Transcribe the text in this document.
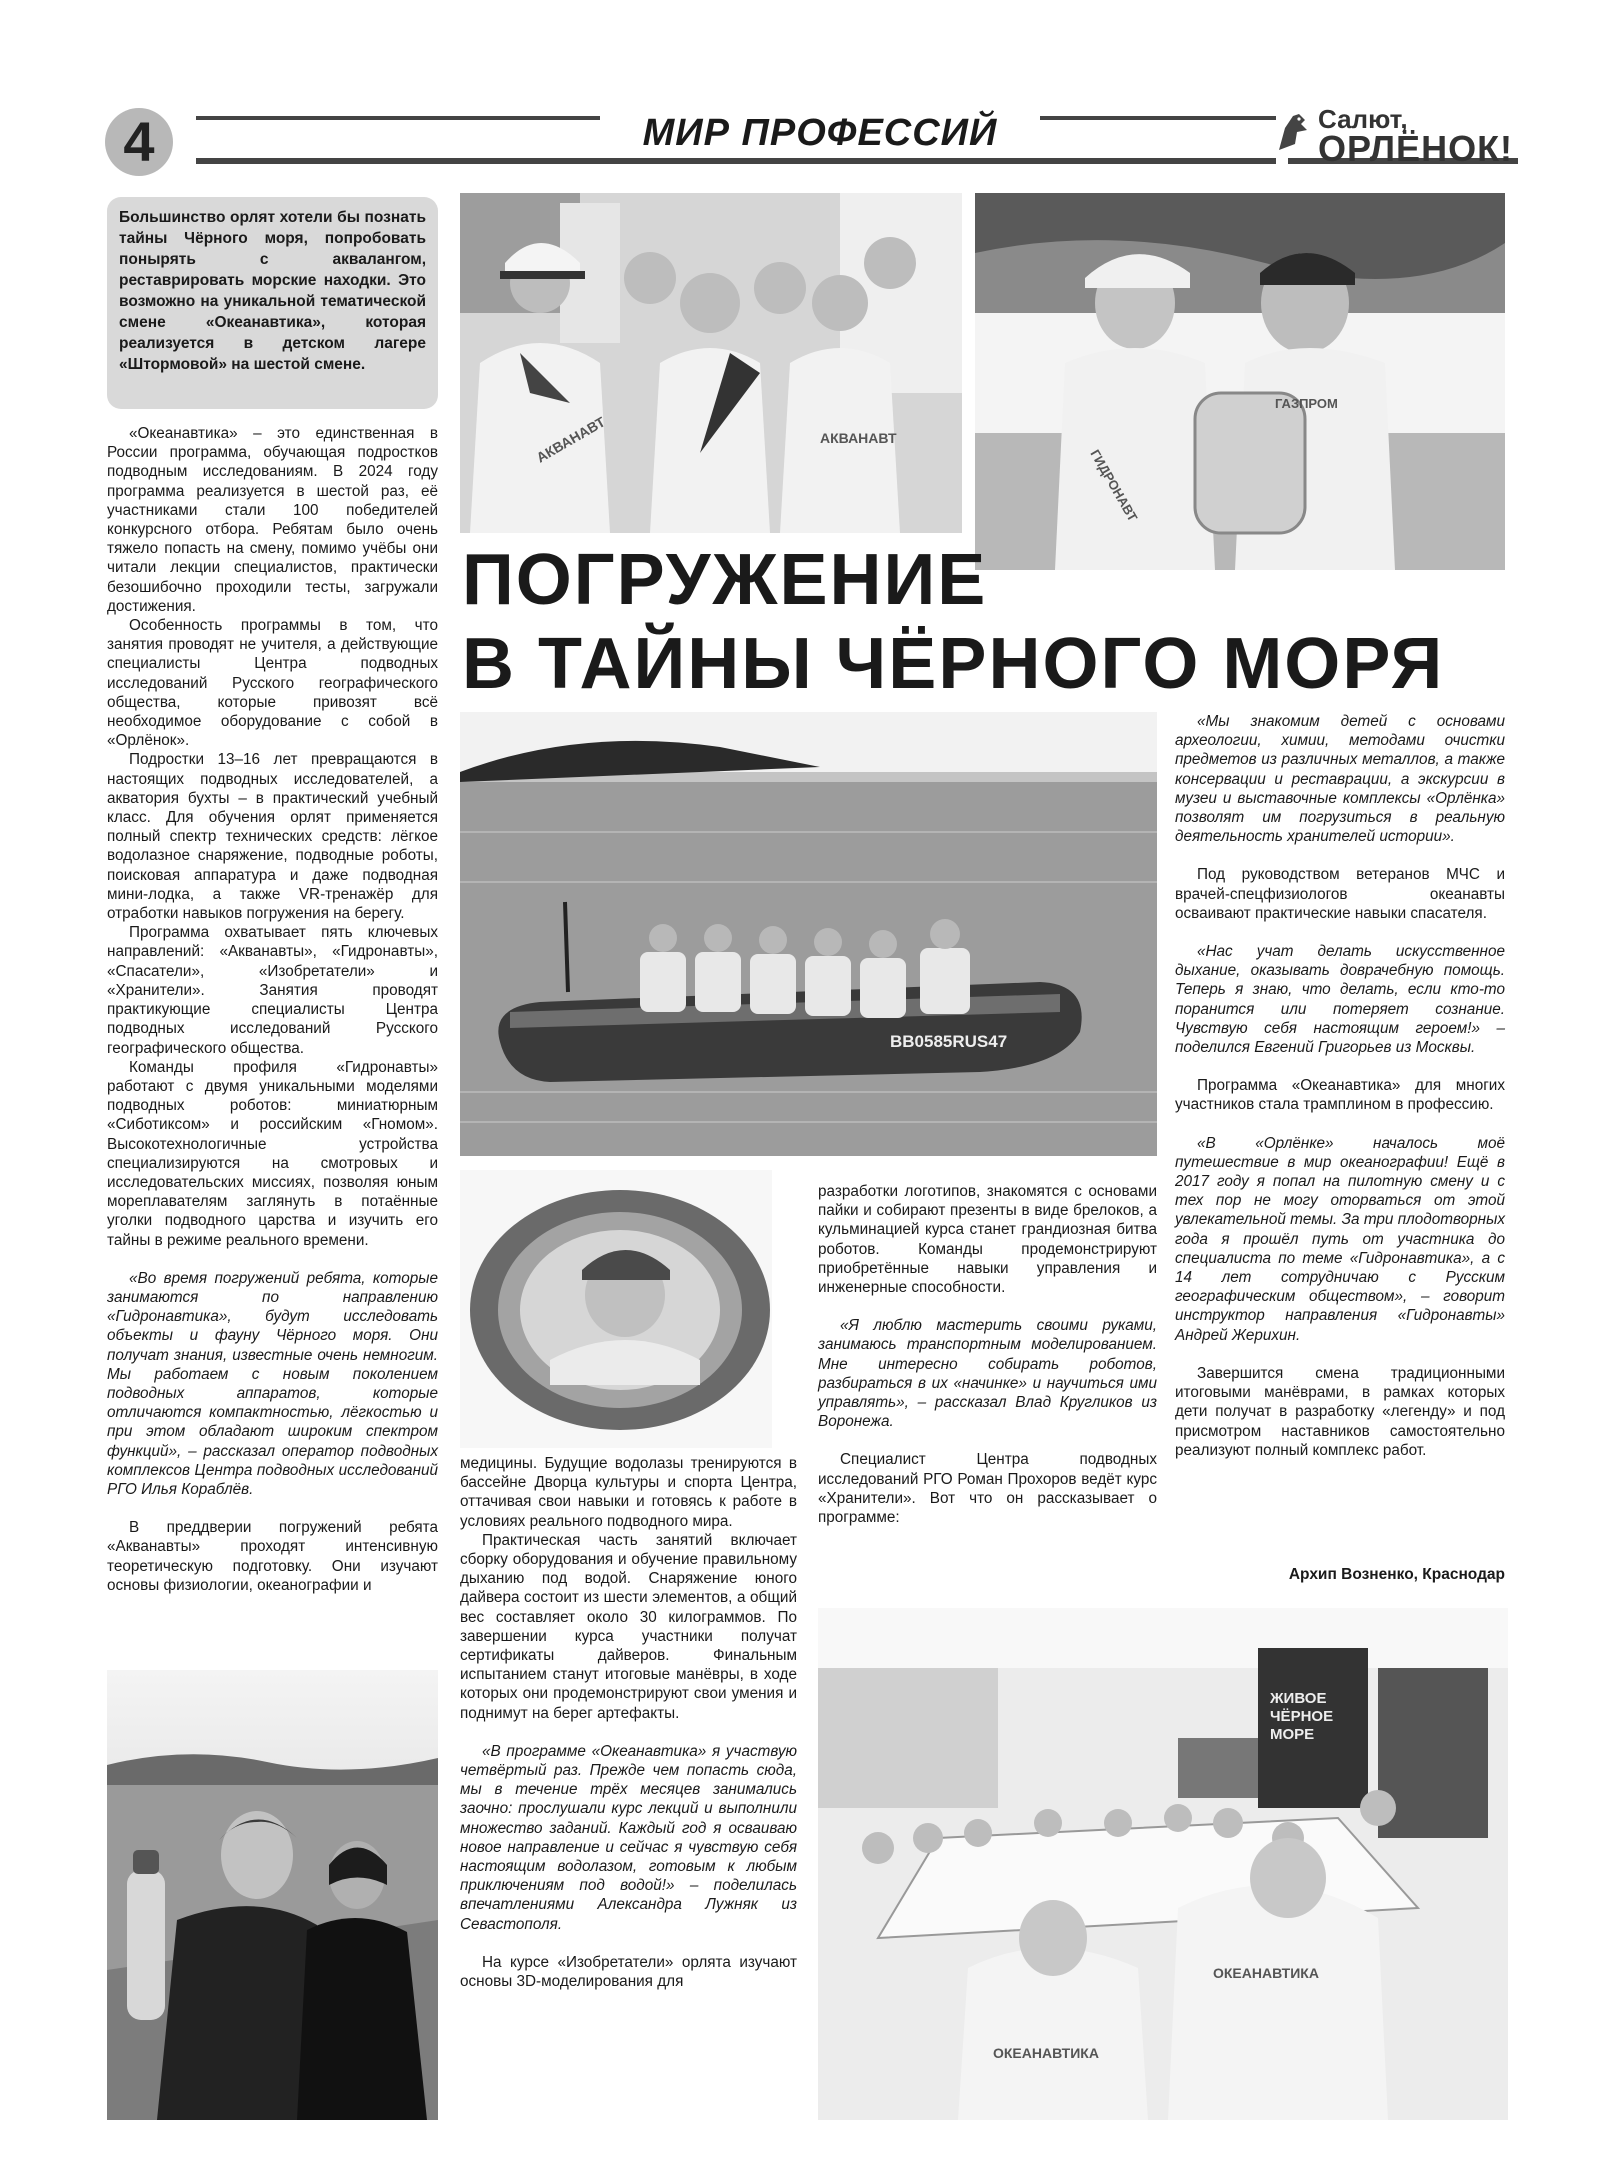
4	МИР ПРОФЕССИЙ	Салют,
ОРЛЁНОК!
Большинство орлят хотели бы познать тайны Чёрного моря, попробовать понырять с аквалангом, реставрировать морские находки. Это возможно на уникальной тематической смене «Океанавтика», которая реализуется в детском лагере «Штормовой» на шестой смене.

«Океанавтика» – это единственная в России программа, обучающая подростков подводным исследованиям. В 2024 году программа реализуется в шестой раз, её участниками стали 100 победителей конкурсного отбора. Ребятам было очень тяжело попасть на смену, помимо учёбы они читали лекции специалистов, практически безошибочно проходили тесты, загружали достижения.

Особенность программы в том, что занятия проводят не учителя, а действующие специалисты Центра подводных исследований Русского географического общества, которые привозят всё необходимое оборудование с собой в «Орлёнок».

Подростки 13–16 лет превращаются в настоящих подводных исследователей, а акватория бухты – в практический учебный класс. Для обучения орлят применяется полный спектр технических средств: лёгкое водолазное снаряжение, подводные роботы, поисковая аппаратура и даже подводная мини-лодка, а также VR-тренажёр для отработки навыков погружения на берегу.

Программа охватывает пять ключевых направлений: «Акванавты», «Гидронавты», «Спасатели», «Изобретатели» и «Хранители». Занятия проводят практикующие специалисты Центра подводных исследований Русского географического общества.

Команды профиля «Гидронавты» работают с двумя уникальными моделями подводных роботов: миниатюрным «Сиботиксом» и российским «Гномом». Высокотехнологичные устройства специализируются на смотровых и исследовательских миссиях, позволяя юным мореплавателям заглянуть в потаённые уголки подводного царства и изучить его тайны в режиме реального времени.

«Во время погружений ребята, которые занимаются по направлению «Гидронавтика», будут исследовать объекты и фауну Чёрного моря. Они получат знания, известные очень немногим. Мы работаем с новым поколением подводных аппаратов, которые отличаются компактностью, лёгкостью и при этом обладают широким спектром функций», – рассказал оператор подводных комплексов Центра подводных исследований РГО Илья Кораблёв.

В преддверии погружений ребята «Акванавты» проходят интенсивную теоретическую подготовку. Они изучают основы физиологии, океанографии и

АКВАНАВТ	АКВАНАВТ
ГИДРОНАВТ
ГАЗПРОМ
ПОГРУЖЕНИЕ
В ТАЙНЫ ЧЁРНОГО МОРЯ
BB0585RUS47

медицины. Будущие водолазы тренируются в бассейне Дворца культуры и спорта Центра, оттачивая свои навыки и готовясь к работе в условиях реального подводного мира.

Практическая часть занятий включает сборку оборудования и обучение правильному дыханию под водой. Снаряжение юного дайвера состоит из шести элементов, а общий вес составляет около 30 килограммов. По завершении курса участники получат сертификаты дайверов. Финальным испытанием станут итоговые манёвры, в ходе которых они продемонстрируют свои умения и поднимут на берег артефакты.

«В программе «Океанавтика» я участвую четвёртый раз. Прежде чем попасть сюда, мы в течение трёх месяцев занимались заочно: прослушали курс лекций и выполнили множество заданий. Каждый год я осваиваю новое направление и сейчас я чувствую себя настоящим водолазом, готовым к любым приключениям под водой!» – поделилась впечатлениями Александра Лужняк из Севастополя.

На курсе «Изобретатели» орлята изучают основы 3D-моделирования для

разработки логотипов, знакомятся с основами пайки и собирают презенты в виде брелоков, а кульминацией курса станет грандиозная битва роботов. Команды продемонстрируют приобретённые навыки управления и инженерные способности.

«Я люблю мастерить своими руками, занимаюсь транспортным моделированием. Мне интересно собирать роботов, разбираться в их «начинке» и научиться ими управлять», – рассказал Влад Кругликов из Воронежа.

Специалист Центра подводных исследований РГО Роман Прохоров ведёт курс «Хранители». Вот что он рассказывает о программе:

«Мы знакомим детей с основами археологии, химии, методами очистки предметов из различных металлов, а также консервации и реставрации, а экскурсии в музеи и выставочные комплексы «Орлёнка» позволят им погрузиться в реальную деятельность хранителей истории».

Под руководством ветеранов МЧС и врачей-спецфизиологов океанавты осваивают практические навыки спасателя.

«Нас учат делать искусственное дыхание, оказывать доврачебную помощь. Теперь я знаю, что делать, если кто-то поранится или потеряет сознание. Чувствую себя настоящим героем!» – поделился Евгений Григорьев из Москвы.

Программа «Океанавтика» для многих участников стала трамплином в профессию.

«В «Орлёнке» началось моё путешествие в мир океанографии! Ещё в 2017 году я попал на пилотную смену и с тех пор не могу оторваться от этой увлекательной темы. За три плодотворных года я прошёл путь от участника до специалиста по теме «Гидронавтика», а с 14 лет сотрудничаю с Русским географическим обществом», – говорит инструктор направления «Гидронавты» Андрей Жерихин.

Завершится смена традиционными итоговыми манёврами, в рамках которых дети получат в разработку «легенду» и под присмотром наставников самостоятельно реализуют полный комплекс работ.

Архип Возненко, Краснодар
ЖИВОЕ
ЧЁРНОЕ
МОРЕ
ОКЕАНАВТИКА
ОКЕАНАВТИКА
